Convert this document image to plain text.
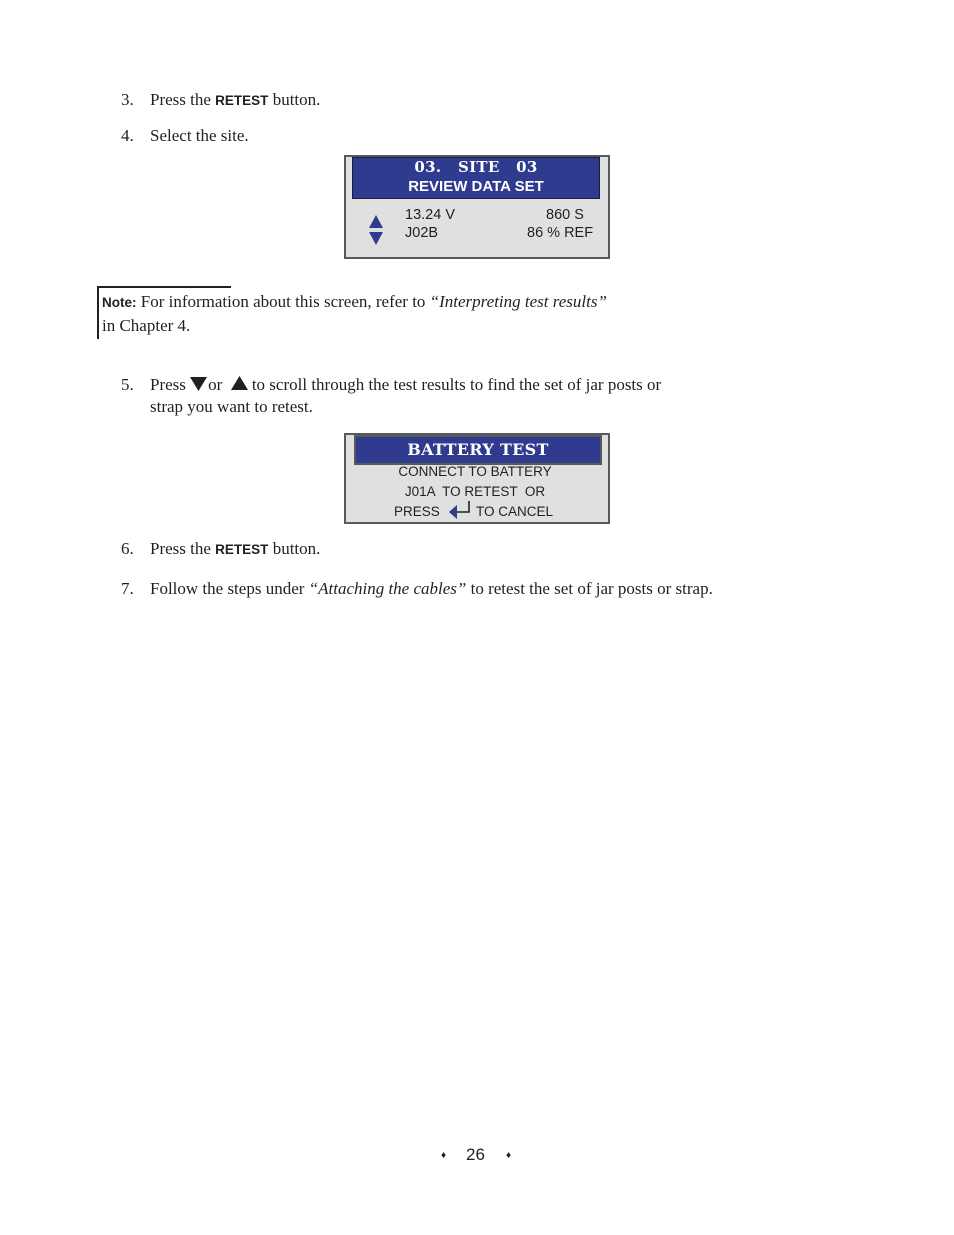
3. Press the RETEST button.
4. Select the site.
03.   SITE   03
REVIEW DATA SET
13.24 V	860 S
J02B	86 % REF
Note: For information about this screen, refer to “Interpreting test results”
in Chapter 4.
5. Press or  to scroll through the test results to find the set of jar posts or
strap you want to retest.
BATTERY TEST
CONNECT TO BATTERY
J01A  TO RETEST  OR
PRESS	TO CANCEL
6. Press the RETEST button.
7. Follow the steps under “Attaching the cables” to retest the set of jar posts or strap.
♦ 26 ♦
